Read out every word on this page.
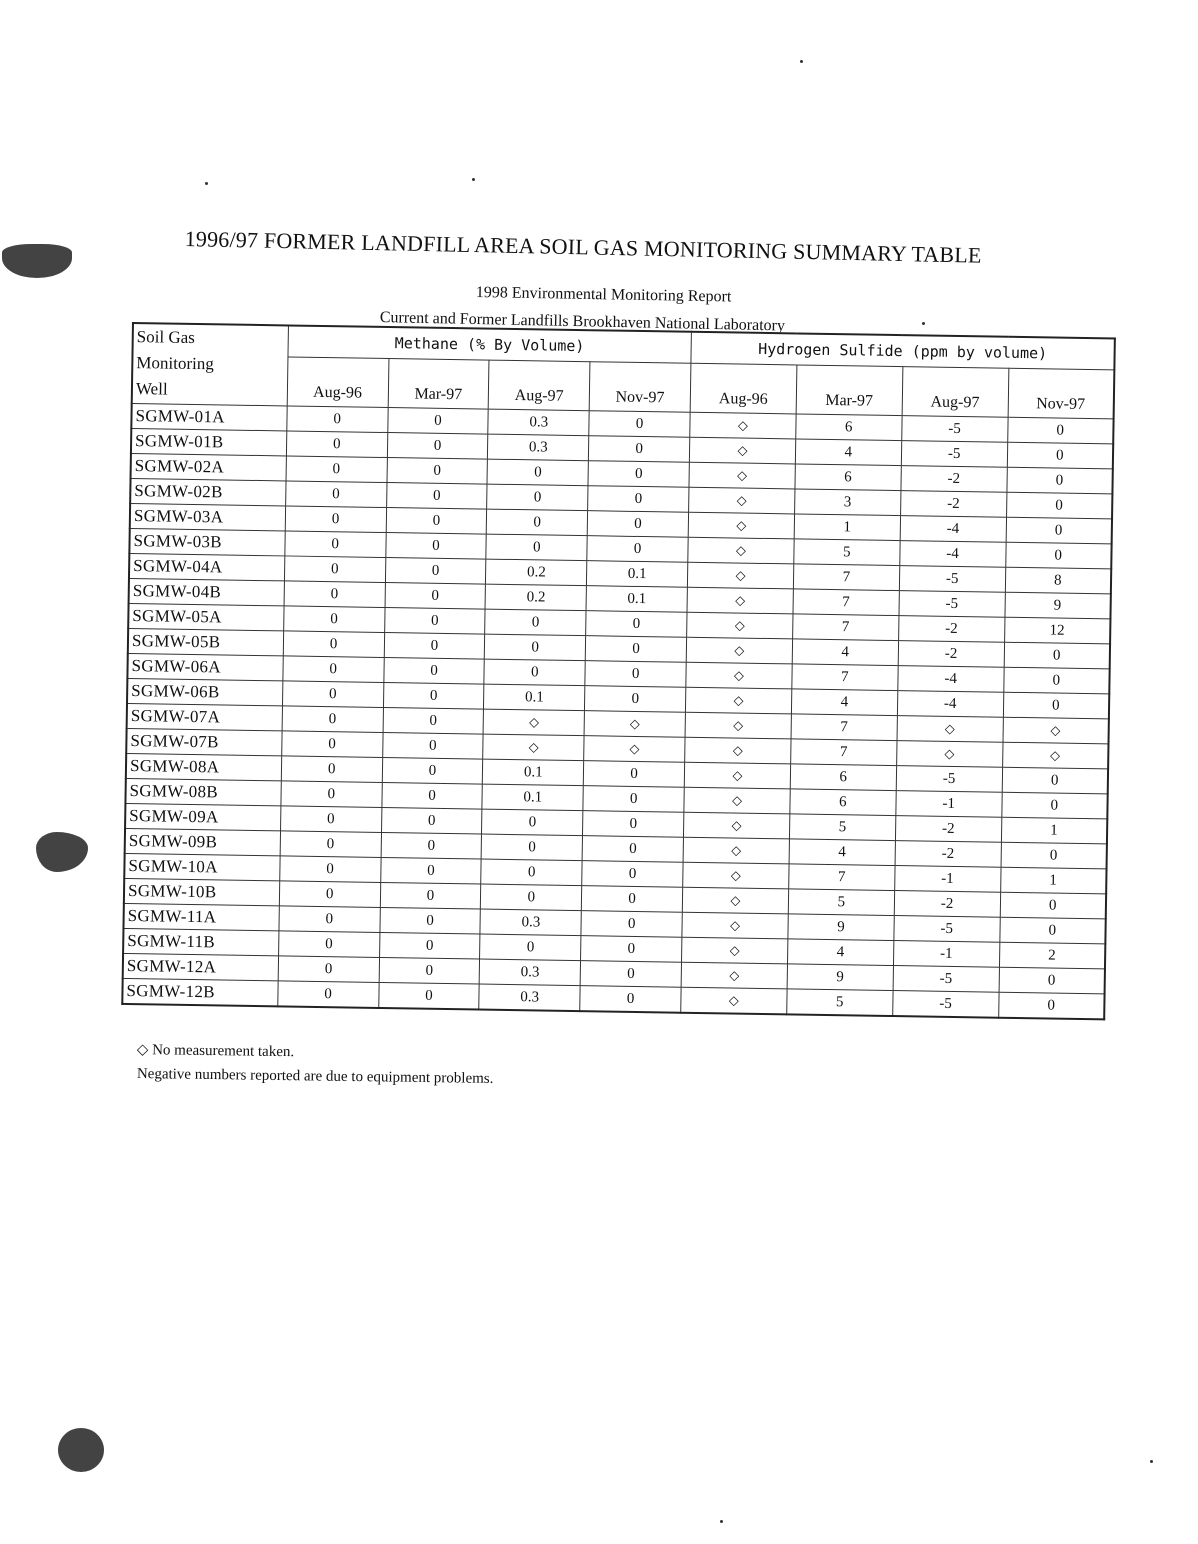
1996/97 FORMER LANDFILL AREA SOIL GAS MONITORING SUMMARY TABLE
1998 Environmental Monitoring Report
Current and Former Landfills Brookhaven National Laboratory
Soil Gas
Monitoring
Well	Methane (% By Volume)				Hydrogen Sulfide (ppm by volume)			
	Aug-96	Mar-97	Aug-97	Nov-97	Aug-96	Mar-97	Aug-97	Nov-97
SGMW-01A	0	0	0.3	0	◇	6	-5	0
SGMW-01B	0	0	0.3	0	◇	4	-5	0
SGMW-02A	0	0	0	0	◇	6	-2	0
SGMW-02B	0	0	0	0	◇	3	-2	0
SGMW-03A	0	0	0	0	◇	1	-4	0
SGMW-03B	0	0	0	0	◇	5	-4	0
SGMW-04A	0	0	0.2	0.1	◇	7	-5	8
SGMW-04B	0	0	0.2	0.1	◇	7	-5	9
SGMW-05A	0	0	0	0	◇	7	-2	12
SGMW-05B	0	0	0	0	◇	4	-2	0
SGMW-06A	0	0	0	0	◇	7	-4	0
SGMW-06B	0	0	0.1	0	◇	4	-4	0
SGMW-07A	0	0	◇	◇	◇	7	◇	◇
SGMW-07B	0	0	◇	◇	◇	7	◇	◇
SGMW-08A	0	0	0.1	0	◇	6	-5	0
SGMW-08B	0	0	0.1	0	◇	6	-1	0
SGMW-09A	0	0	0	0	◇	5	-2	1
SGMW-09B	0	0	0	0	◇	4	-2	0
SGMW-10A	0	0	0	0	◇	7	-1	1
SGMW-10B	0	0	0	0	◇	5	-2	0
SGMW-11A	0	0	0.3	0	◇	9	-5	0
SGMW-11B	0	0	0	0	◇	4	-1	2
SGMW-12A	0	0	0.3	0	◇	9	-5	0
SGMW-12B	0	0	0.3	0	◇	5	-5	0
◇ No measurement taken.
Negative numbers reported are due to equipment problems.
